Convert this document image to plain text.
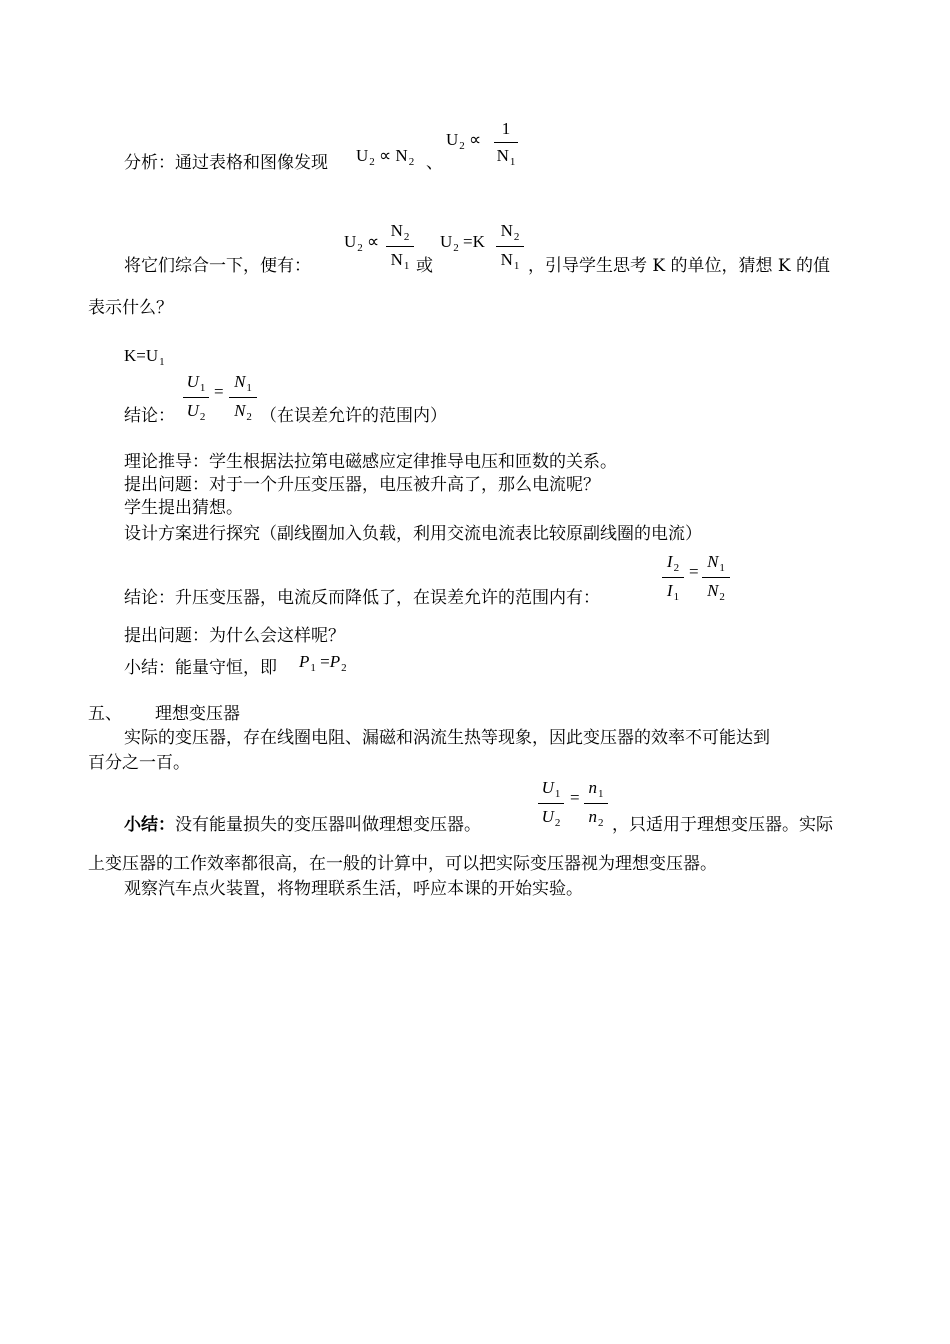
分析：通过表格和图像发现 $U_2 \propto N_2$ 、
$U_2$ ∝
1
$N_1$
将它们综合一下，便有：
$U_2$ ∝
$N_2$
$N_1$ 或
$U_2 =K$
$N_2$
$N_1$ ，引导学生思考 K 的单位，猜想 K 的值
表示什么？
$K=U_1$
结论：
$U_1$
$U_2$
=
$N_1$
$N_2$ （在误差允许的范围内）
理论推导：学生根据法拉第电磁感应定律推导电压和匝数的关系。
提出问题：对于一个升压变压器，电压被升高了，那么电流呢？
学生提出猜想。
设计方案进行探究（副线圈加入负载，利用交流电流表比较原副线圈的电流）
结论：升压变压器，电流反而降低了，在误差允许的范围内有：
$I_2$
$I_1$
=
$N_1$
$N_2$
提出问题：为什么会这样呢？
小结：能量守恒，即 $P_1 =P_2$
五、 理想变压器
实际的变压器，存在线圈电阻、漏磁和涡流生热等现象，因此变压器的效率不可能达到
百分之一百。
小结：没有能量损失的变压器叫做理想变压器。
$U_1$
$U_2$
=
$n_1$
$n_2$ ，只适用于理想变压器。实际
上变压器的工作效率都很高，在一般的计算中，可以把实际变压器视为理想变压器。
观察汽车点火装置，将物理联系生活，呼应本课的开始实验。
